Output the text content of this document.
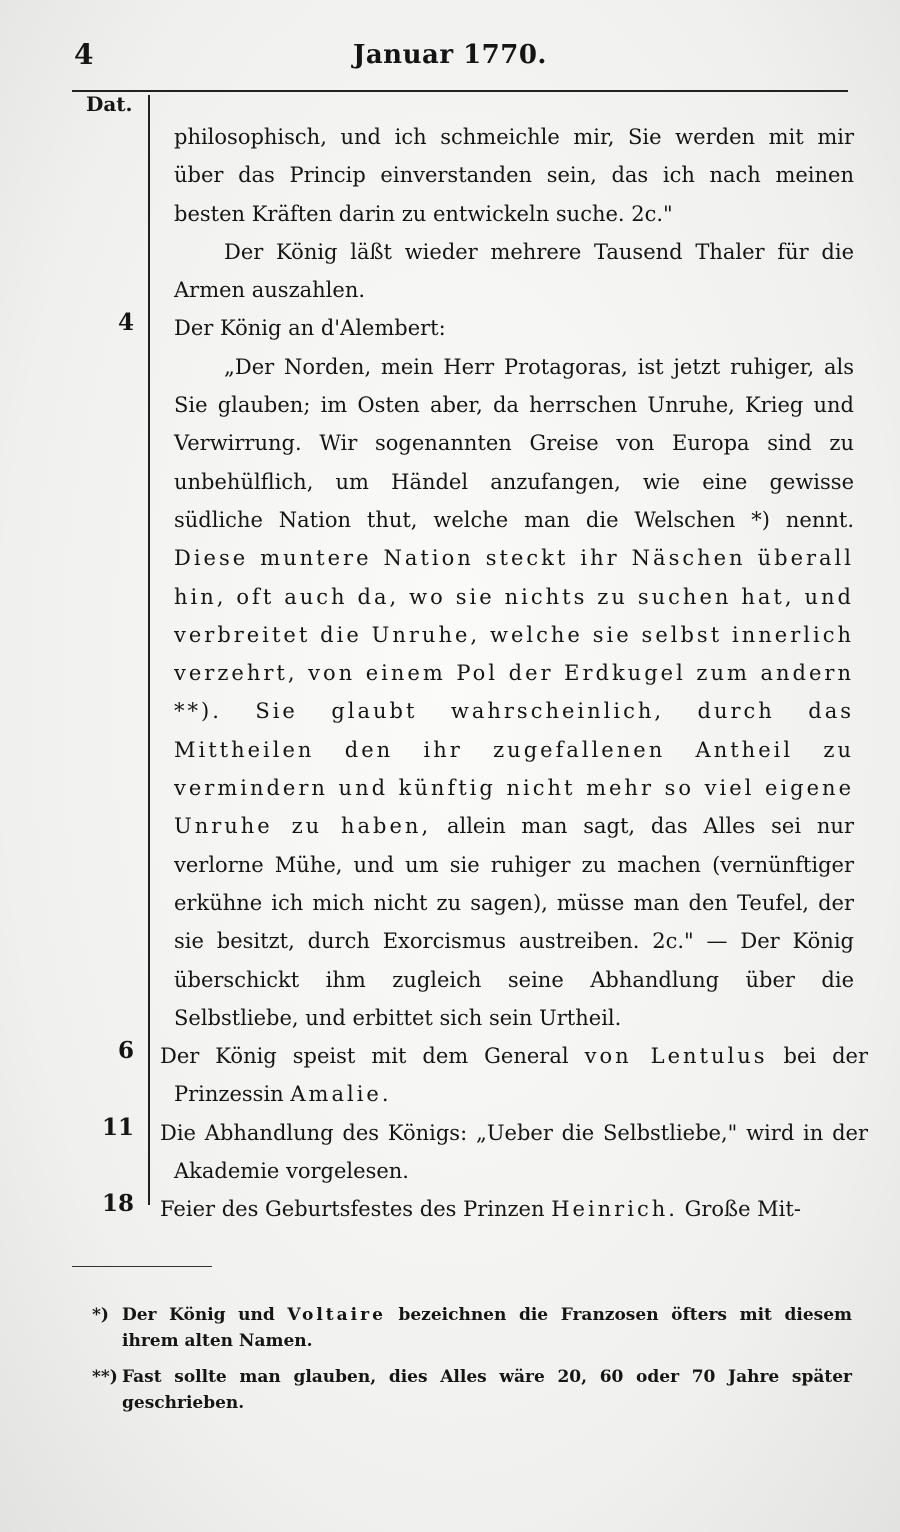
4	Januar 1770.
Dat.
philosophisch, und ich schmeichle mir, Sie werden mit mir über das Princip einverstanden sein, das ich nach meinen besten Kräften darin zu entwickeln suche. 2c."
Der König läßt wieder mehrere Tausend Thaler für die Armen auszahlen.
4 Der König an d'Alembert:
„Der Norden, mein Herr Protagoras, ist jetzt ruhiger, als Sie glauben; im Osten aber, da herrschen Unruhe, Krieg und Verwirrung. Wir sogenannten Greise von Europa sind zu unbehülflich, um Händel anzufangen, wie eine gewisse südliche Nation thut, welche man die Welschen *) nennt. Diese muntere Nation steckt ihr Näschen überall hin, oft auch da, wo sie nichts zu suchen hat, und verbreitet die Unruhe, welche sie selbst innerlich verzehrt, von einem Pol der Erdkugel zum andern **). Sie glaubt wahrscheinlich, durch das Mittheilen den ihr zugefallenen Antheil zu vermindern und künftig nicht mehr so viel eigene Unruhe zu haben, allein man sagt, das Alles sei nur verlorne Mühe, und um sie ruhiger zu machen (vernünftiger erkühne ich mich nicht zu sagen), müsse man den Teufel, der sie besitzt, durch Exorcismus austreiben. 2c." — Der König überschickt ihm zugleich seine Abhandlung über die Selbstliebe, und erbittet sich sein Urtheil.
6 Der König speist mit dem General von Lentulus bei der Prinzessin Amalie.
11 Die Abhandlung des Königs: „Ueber die Selbstliebe," wird in der Akademie vorgelesen.
18 Feier des Geburtsfestes des Prinzen Heinrich. Große Mit-
*) Der König und Voltaire bezeichnen die Franzosen öfters mit diesem ihrem alten Namen.
**) Fast sollte man glauben, dies Alles wäre 20, 60 oder 70 Jahre später geschrieben.
